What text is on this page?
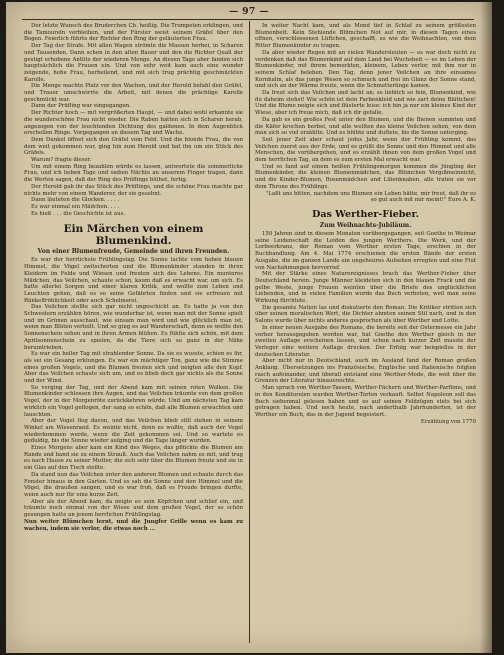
— 97 —

Der letzte Wunsch des Bruderchen Ch. heißig. Die Trompeten erklingen, und die Tamoureln verbleihen, und der Fürster weist seinem Gräfel über den Bogen. Feierlich führte der Richter den Ring der geläuterten Frau.

Der Tag der Strafe. Mit allen Wagen strömte die Massen herbei, in Scharen und Tausenden. Dann schen in den alten Bauer und den die Richter Quall der gestigt erhobene Antlitz der wiederen Menge. An diesen Tage aber fanden sich hauptsächlich die Frauen ein. Und von sehr weit kam auch eine wunder zeigende, hohe Frau, herbeilend, und mit sich trug prächtig geschmückten Karolle.

Die Menge machte Platz vor den Wachen, und der Herold befahl den Gräfel, und Trauer umschwirrte die Arbeit, mit denen die prächtige Karolle geschmückt war.

Dann der Prüfling war eingegangen.

Der Richter hoch — mit vergrößerten Haupt, — und dabei wohl erkannte sie die wunderschöne Frau nicht wieder. Die Raben hatten sich in Scharen herab, angezogen von der leuchtenden Dichtung des galdenen. In dem Augenblick erschollen Ringe. Vorgegangen an diesem Tag und Wache.

Dem Dunkel öffnet sich den Gräfel vom Feld. Und die blonde Frau, die von dem weit gekommen war, ging hin zum Herold und bat ihn um ein Stück des Gräfels.

Warum? fragte dieser.

Um mit einem Ring bezahlen würde es lassen, antwortete die sommerliche Frau, und ich lieben Tage und sieben Nächte an unserem Finger tragen, dann die Werten sagen, daß der Ring des Prüflings blühet, fertig.

Der Herold gab ihr das Stück des Prüflings, und die schöne Frau machte gar nichts mehr von einem Wanderer, der sie gesehnt.

Dann läuteten die Glocken. . . . .

Es war einmal ein Mädchen. . . .

Es hieß . . . die Geschichte ist aus.

Ein Märchen von einem Blumenkind.
Von einer Blumenfreude, Gemeinde und ihren Freunden.

Es war der herrlichste Frühlingstag. Die Sonne lachte vom hohen blauen Himmel, die Vögel zwitscherten und die Blumenkinder standen in ihren Kleidern im Felde und Wiesen und freuten sich des Lebens. Ein munteres Mädchen, das Veilchen, schaute schon, kaum daß es erwacht war, um sich. Es hatte allerlei Sorgen und einer klaren Kritik, und wollte zum Leben und Leuchten gehen, daß es so seine Gefährten finden und sie erfreuen mit Ränkelfröhlichkeit oder auch Schelmerei.

Das Veilchen stellte sich gar nicht ungeschickt an. Es hatte ja von den Schwestern erzählen hören, wie wunderbar ist, wenn man mit der Sonne spielt und im Grünen ausschaut, wie einsam man wird und wie glücklich man ist, wenn man Blüten verteilt. Und so ging es auf Wanderschaft, denn es wollte den Sonnenschein sehen und in ihren Armen blühen. Es fühlte sich schön, mit dem Aprilsonnenschein zu spielen, da die Tiere sich so ganz in der Nähe herumtrieben.

Es war ein heller Tag mit strahlender Sonne. Da sie es wusste, schien es ihr, als sei ein Gesang erklungen. Es war ein mächtiger Ton, ganz wie die Stimme eines großen Vogels, und die Blumen freuten sich und neigten alle den Kopf. Aber das Veilchen schaute sich um, und es blieb doch gar nichts als die Sonne und der Wind.

So verging der Tag, und der Abend kam mit seinen roten Wolken. Die Blumenkinder schlossen ihre Augen, und das Veilchen träumte von dem großen Vogel, der in der Morgenröte zurückkehren würde. Und am nächsten Tag kam wirklich ein Vogel geflogen, der sang so schön, daß alle Blumen erwachten und lauschten.

Aber der Vogel flog davon, und das Veilchen blieb still stehen in seinem Winkel am Wiesenrand. Es weinte nicht, denn es wußte, daß auch der Vogel wiederkommen werde, wenn die Zeit gekommen sei. Und so wartete es geduldig, bis die Sonne wieder aufging und die Tage länger wurden.

Eines Morgens aber kam ein Kind des Weges, das pflückte die Blumen am Rande und band sie zu einem Strauß. Auch das Veilchen nahm es mit, und trug es nach Hause zu seiner Mutter, die sich sehr über die Blumen freute und sie in ein Glas auf den Tisch stellte.

Da stand nun das Veilchen unter den anderen Blumen und schaute durch das Fenster hinaus in den Garten. Und es sah die Sonne und den Himmel und die Vögel, die draußen sangen, und es war froh, daß es Freude bringen durfte, wenn auch nur für eine kurze Zeit.

Aber als der Abend kam, da neigte es sein Köpfchen und schlief ein, und träumte noch einmal von der Wiese und dem großen Vogel, der so schön gesungen hatte an jenem herrlichen Frühlingstag.

Nun weiter Blümchen lernt, und die Jungfer Grille wenn es kam zu wachen, indem sie verlor, die etwas noch ...

In weiter Nacht kam, und als Mond tief in Schlaf zu seinem größesten Blumenbett. Kein Stehlende Blümchen Not auf mir, in diesen Tagen eines offnen, verschlossenen Lüftchen, geschafft, so wie die Weihnachten, von dem Ritter Blumenkinder zu tragen.

Da aber wieder Regen mit an vielen Wandersleuten — es war doch nicht zu verdenken daß das Blumenkind auf dem Land bei Wuchsheit — es im Leben der Blumenkinder, mit ihrem bemerkten, kleinem, Leben verlor, mit ihm nur in seinem Schlaf beleben. Den Tag, denn jener Veilchen an ihre einsames Kornhalm, als das junge Wesen so schmuck und frei im Glanz der Sonne stand, und sich an der Wärme freute, wenn die Schmetterlinge kamen.

Da freut sich das Veilchen und lacht an; so lieblich so fein, Blumenkind, wie du daheim stehst! Wie schön ist dein Farbenkleid und wie zart deine Blättchen! Und die Blume neigte sich und flüsterte leise: ich bin ja nur ein kleines Kind der Wiese, aber ich freue mich, daß ich dir gefalle.

Da gab es ein großes Fest unter den Blumen, und die Bienen summten und die Käfer krochen herbei, und alle wollten das kleine Veilchen sehen, von dem man sich so viel erzählte. Und es blühte und duftete, bis die Sonne unterging.

Seit jener Zeit aber schaut jedes Jahr, wenn der Frühling kommt, das Veilchen zuerst aus der Erde, und es grüßt die Sonne und den Himmel und alle Menschen, die vorübergehen, und es erzählt ihnen von dem großen Vogel und dem herrlichen Tag, an dem es zum ersten Mal erwacht war.

Und so fand auf einem heißen Frühlingsmorgen kommen die Jüngling der Blumenkinder, die kleinen Blumenmädchen, das Blümchen Vergißmeinnicht, und die Kinder-Blumen, Rosenmädchen und Lilienknaben, alle traten sie vor dem Throne des Frühlings.

"Laßt uns bitten, nachdem uns Blumen ein Leben hätte, mir freut, daß ihr es so gut auch mit mir meint!" Eure A. K.

Das Werther-Fieber.
Zum Weihnachts-Jubiläum.

150 Jahren sind in diesem Monaten vorübergegangen, seit Goethe in Weimar seine Leidenschaft die Leiden des jungen Werthers. Die Werk, und der Lorbeerkranz, der Roman vom Werther ersten Tage, erschien in der Buchhandlung. Am 4. Mai 1774 erschienen die ersten Bände der ersten Ausgabe, die im ganzen Lande ein ungeheures Aufsehen erregten und eine Flut von Nachahmungen hervorrief.

Mit der Stärke eines Naturereignisses brach das Werther-Fieber über Deutschland herein. Junge Männer kleideten sich in den blauen Frack und die gelbe Weste, junge Frauen weinten über die Briefe des unglücklichen Liebenden, und in vielen Familien wurde das Buch verboten, weil man seine Wirkung fürchtete.

Die gesamte Nation las und diskutierte den Roman. Die Kritiker stritten sich über seinen moralischen Wert, die Dichter ahmten seinen Stil nach, und in den Salons wurde über nichts anderes gesprochen als über Werther und Lotte.

In einer neuen Ausgabe des Romans, die bereits seit der Ostermesse ein Jahr vorher herausgegeben worden war, hat Goethe den Werther gleich in der zweiten Auflage erscheinen lassen, und schon nach kurzer Zeit musste der Verleger eine weitere Auflage drucken. Der Erfolg war beispiellos in der deutschen Literatur.

Aber nicht nur in Deutschland, auch im Ausland fand der Roman großen Anklang. Übersetzungen ins Französische, Englische und Italienische folgten rasch aufeinander, und überall entstand eine Werther-Mode, die weit über die Grenzen der Literatur hinausreichte.

Man sprach von Werther-Tassen, Werther-Fächern und Werther-Parfüms, und in den Konditoreien wurden Werther-Torten verkauft. Selbst Napoleon soll das Buch siebenmal gelesen haben und es auf seinen Feldzügen stets bei sich getragen haben. Und noch heute, nach anderthalb Jahrhunderten, ist der Werther ein Buch, das in der Jugend begeistert.

Erzählung von 1770
